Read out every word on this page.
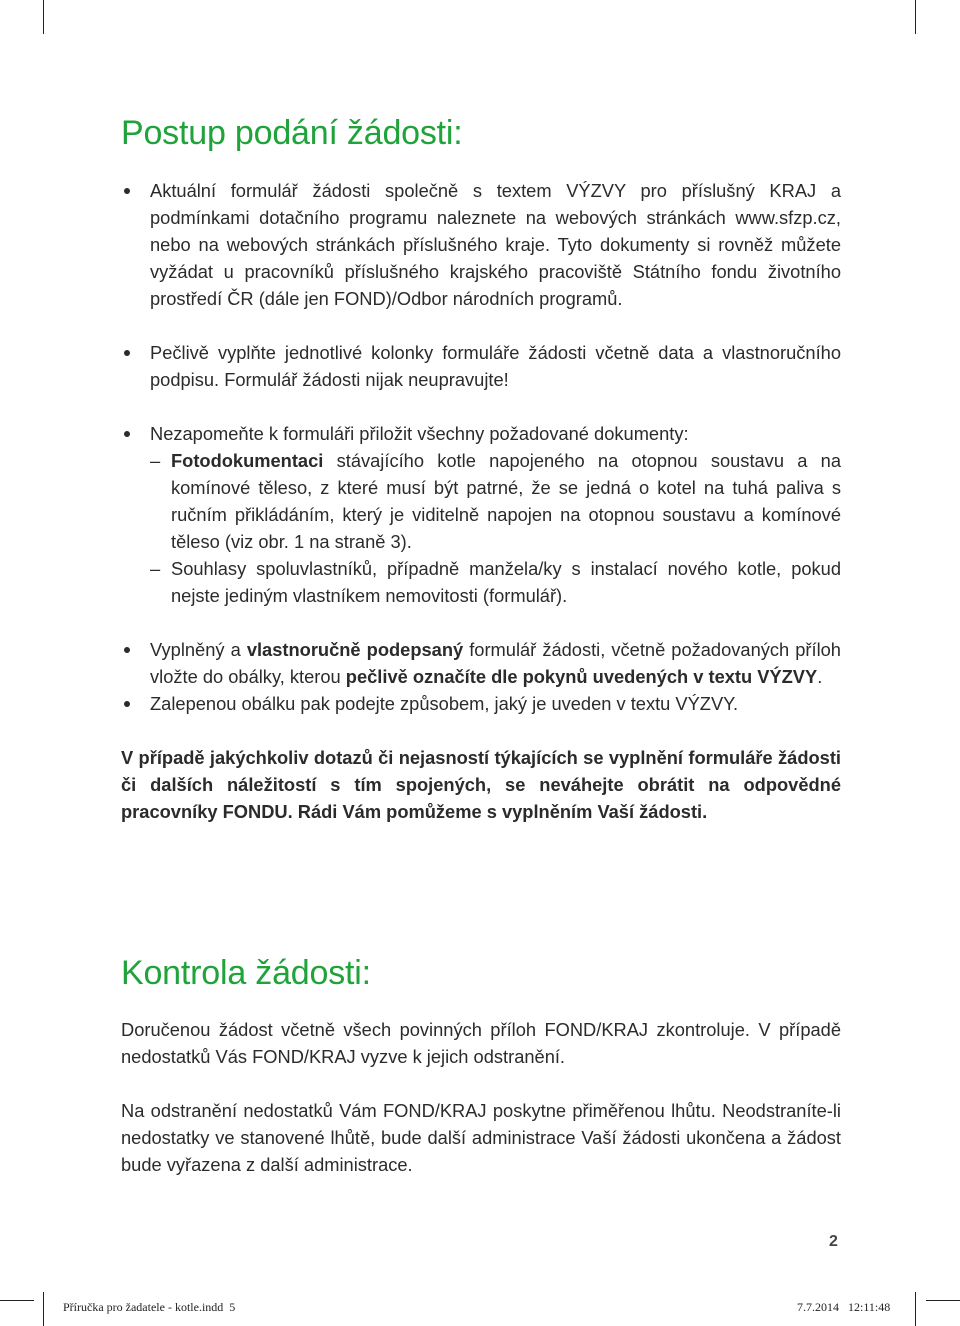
Postup podání žádosti:
Aktuální formulář žádosti společně s textem VÝZVY pro příslušný KRAJ a podmínkami dotačního programu naleznete na webových stránkách www.sfzp.cz, nebo na webových stránkách příslušného kraje. Tyto dokumenty si rovněž můžete vyžádat u pracovníků příslušného krajského pracoviště Státního fondu životního prostředí ČR (dále jen FOND)/Odbor národních programů.
Pečlivě vyplňte jednotlivé kolonky formuláře žádosti včetně data a vlastnoručního podpisu. Formulář žádosti nijak neupravujte!
Nezapomeňte k formuláři přiložit všechny požadované dokumenty:
– Fotodokumentaci stávajícího kotle napojeného na otopnou soustavu a na komínové těleso, z které musí být patrné, že se jedná o kotel na tuhá paliva s ručním přikládáním, který je viditelně napojen na otopnou soustavu a komínové těleso (viz obr. 1 na straně 3).
– Souhlasy spoluvlastníků, případně manžela/ky s instalací nového kotle, pokud nejste jediným vlastníkem nemovitosti (formulář).
Vyplněný a vlastnoručně podepsaný formulář žádosti, včetně požadovaných příloh vložte do obálky, kterou pečlivě označíte dle pokynů uvedených v textu VÝZVY.
Zalepenou obálku pak podejte způsobem, jaký je uveden v textu VÝZVY.

V případě jakýchkoliv dotazů či nejasností týkajících se vyplnění formuláře žádosti či dalších náležitostí s tím spojených, se neváhejte obrátit na odpovědné pracovníky FONDU. Rádi Vám pomůžeme s vyplněním Vaší žádosti.

Kontrola žádosti:

Doručenou žádost včetně všech povinných příloh FOND/KRAJ zkontroluje. V případě nedostatků Vás FOND/KRAJ vyzve k jejich odstranění.

Na odstranění nedostatků Vám FOND/KRAJ poskytne přiměřenou lhůtu. Neodstraníte-li nedostatky ve stanovené lhůtě, bude další administrace Vaší žádosti ukončena a žádost bude vyřazena z další administrace.

2
Příručka pro žadatele - kotle.indd 5	7.7.2014 12:11:48
